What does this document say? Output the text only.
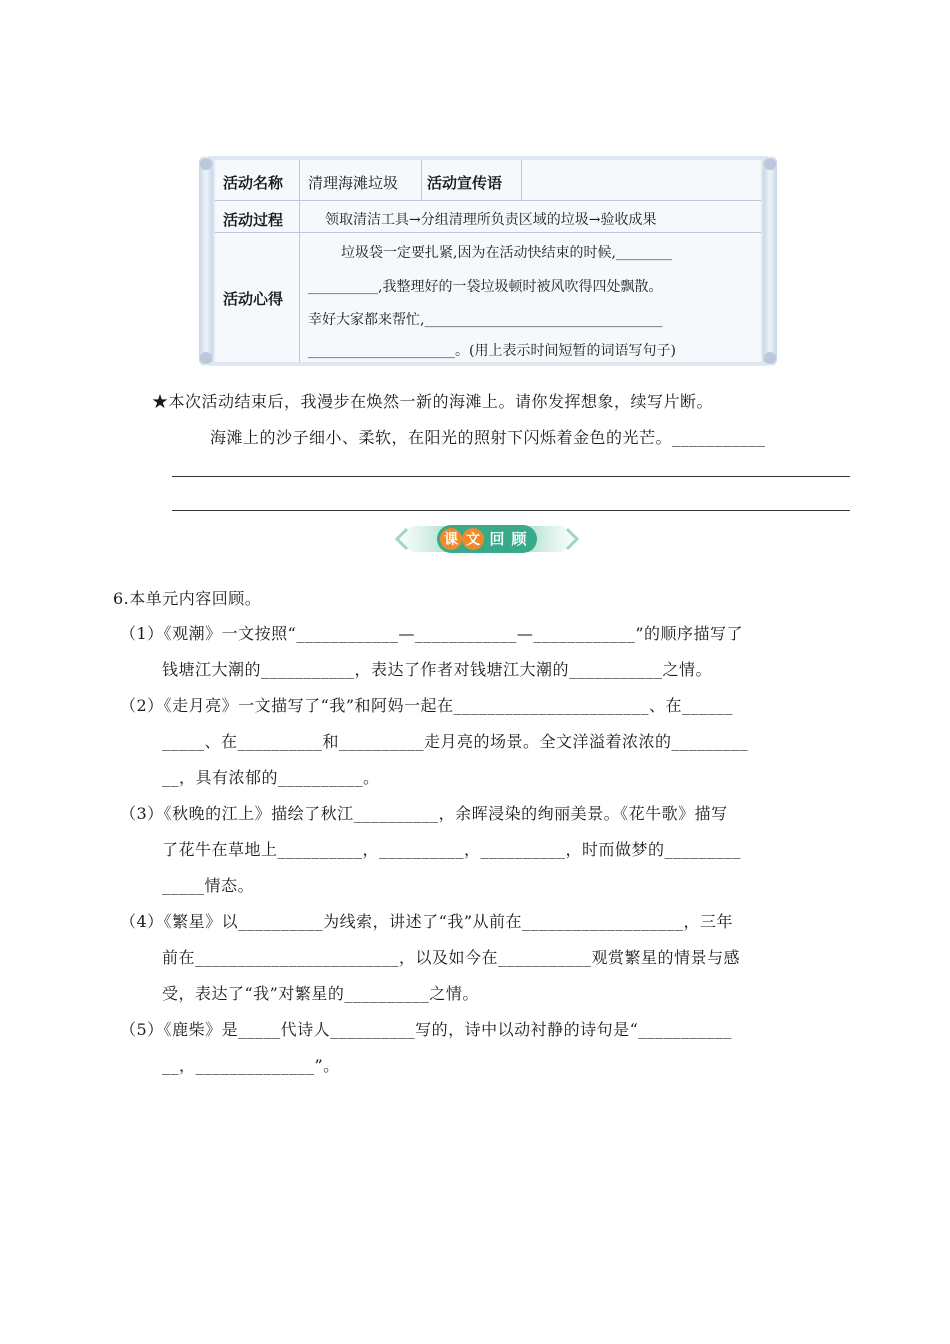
活动名称 清理海滩垃圾 活动宣传语
活动过程	领取清洁工具→分组清理所负责区域的垃圾→验收成果
活动心得
垃圾袋一定要扎紧,因为在活动快结束的时候,________
__________,我整理好的一袋垃圾顿时被风吹得四处飘散。
幸好大家都来帮忙,__________________________________
_____________________。(用上表示时间短暂的词语写句子)
★本次活动结束后，我漫步在焕然一新的海滩上。请你发挥想象，续写片断。
海滩上的沙子细小、柔软，在阳光的照射下闪烁着金色的光芒。___________
课 文 回 顾
6.本单元内容回顾。
（1）《观潮》一文按照“____________—____________—____________”的顺序描写了
钱塘江大潮的___________，表达了作者对钱塘江大潮的___________之情。
（2）《走月亮》一文描写了“我”和阿妈一起在_______________________、在______
_____、在__________和__________走月亮的场景。全文洋溢着浓浓的_________
__，具有浓郁的__________。
（3）《秋晚的江上》描绘了秋江__________，余晖浸染的绚丽美景。《花牛歌》描写
了花牛在草地上__________，__________，__________，时而做梦的_________
_____情态。
（4）《繁星》以__________为线索，讲述了“我”从前在___________________，三年
前在________________________，以及如今在___________观赏繁星的情景与感
受，表达了“我”对繁星的__________之情。
（5）《鹿柴》是_____代诗人__________写的，诗中以动衬静的诗句是“___________
__，______________”。
